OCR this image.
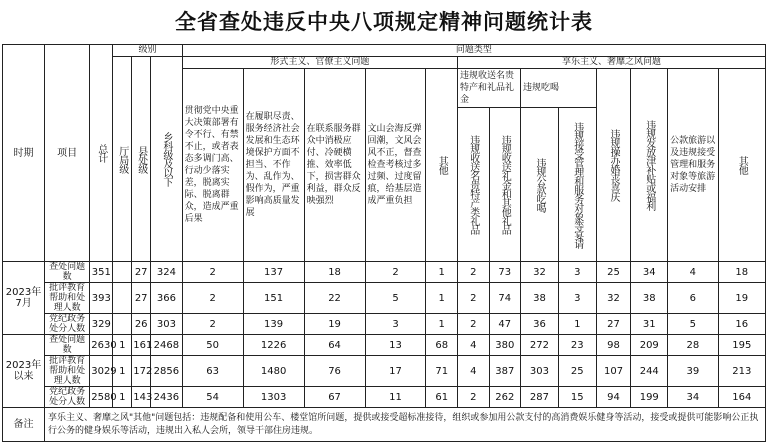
全省查处违反中央八项规定精神问题统计表
时期	项目	总计	级别			问题类型												

			厅局级	县处级	乡科级及以下	形式主义、官僚主义问题					享乐主义、奢靡之风问题							
						贯彻党中央重大决策部署有令不行、有禁不止，或者表态多调门高、行动少落实差，脱离实际、脱离群众，造成严重后果	在履职尽责、服务经济社会发展和生态环境保护方面不担当、不作为、乱作为、假作为，严重影响高质量发展	在联系服务群众中消极应付、冷硬横推、效率低下，损害群众利益，群众反映强烈	文山会海反弹回潮，文风会风不正，督查检查考核过多过频、过度留痕，给基层造成严重负担	其他	违规收送名贵特产和礼品礼金		违规吃喝		违规操办婚丧喜庆	违规发放津补贴或福利	公款旅游以及违规接受管理和服务对象等旅游活动安排	其他

											违规收送名贵特产类礼品	违规收送礼金和其他礼品	违规公款吃喝	违规接受管理和服务对象等宴请				

2023年7月	查处问题数	351		27	324	2	137	18	2	1	2	73	32	3	25	34	4	18
	批评教育帮助和处理人数	393		27	366	2	151	22	5	1	2	74	38	3	32	38	6	19
	党纪政务处分人数	329		26	303	2	139	19	3	1	2	47	36	1	27	31	5	16
2023年以来	查处问题数	2630	1	161	2468	50	1226	64	13	68	4	380	272	23	98	209	28	195
	批评教育帮助和处理人数	3029	1	172	2856	63	1480	76	17	71	4	387	303	25	107	244	39	213
	党纪政务处分人数	2580	1	143	2436	54	1303	67	11	61	2	262	287	15	94	199	34	164
备注	享乐主义、奢靡之风"其他"问题包括：违规配备和使用公车、楼堂馆所问题，提供或接受超标准接待，组织或参加用公款支付的高消费娱乐健身等活动，接受或提供可能影响公正执行公务的健身娱乐等活动，违规出入私人会所，领导干部住房违规。																	
